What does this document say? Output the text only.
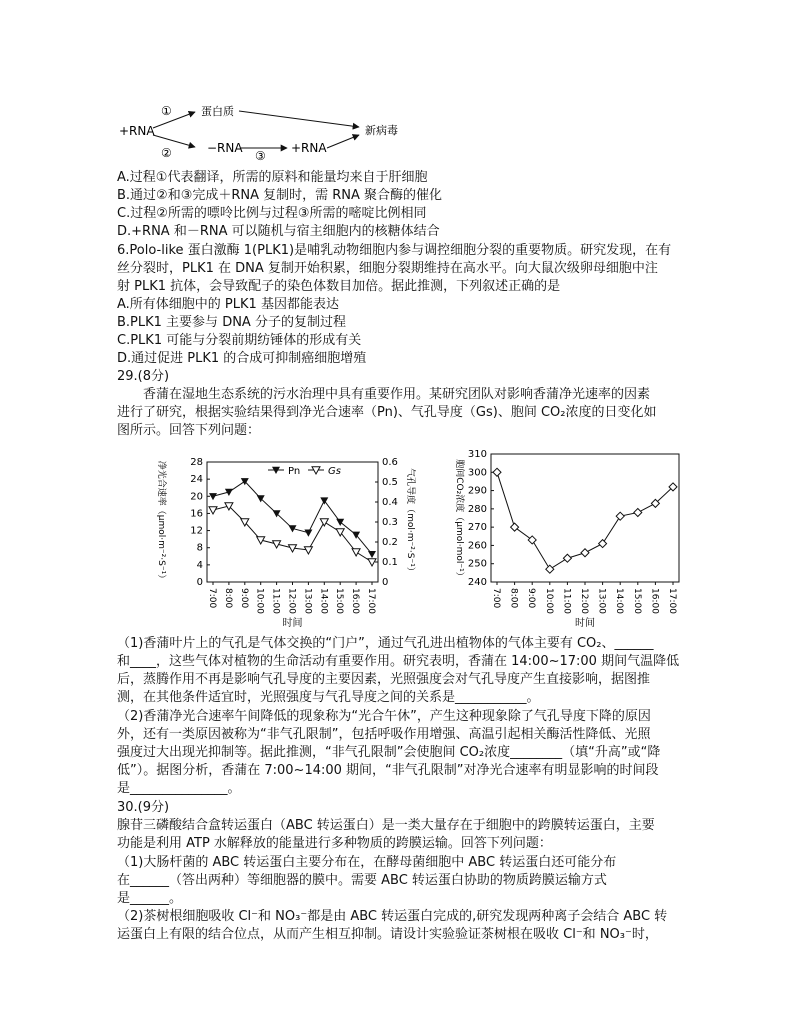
+RNA
①
②
蛋白质
−RNA
③
+RNA
新病毒
A.过程①代表翻译，所需的原料和能量均来自于肝细胞
B.通过②和③完成＋RNA 复制时，需 RNA 聚合酶的催化
C.过程②所需的嘌呤比例与过程③所需的嘧啶比例相同
D.+RNA 和－RNA 可以随机与宿主细胞内的核糖体结合
6.Polo-like 蛋白激酶 1(PLK1)是哺乳动物细胞内参与调控细胞分裂的重要物质。研究发现，在有
丝分裂时，PLK1 在 DNA 复制开始积累，细胞分裂期维持在高水平。向大鼠次级卵母细胞中注
射 PLK1 抗体，会导致配子的染色体数目加倍。据此推测，下列叙述正确的是
A.所有体细胞中的 PLK1 基因都能表达
B.PLK1 主要参与 DNA 分子的复制过程
C.PLK1 可能与分裂前期纺锤体的形成有关
D.通过促进 PLK1 的合成可抑制癌细胞增殖
29.(8分)
香蒲在湿地生态系统的污水治理中具有重要作用。某研究团队对影响香蒲净光速率的因素
进行了研究，根据实验结果得到净光合速率（Pn)、气孔导度（Gs)、胞间 CO₂浓度的日变化如
图所示。回答下列问题：
0
4
8
12
16
20
24
28
0
0.1
0.2
0.3
0.4
0.5
0.6
7:00 8:00 9:00 10:00 11:00 12:00 13:00 14:00 15:00 16:00 17:00
Pn	Gs
净光合速率（μmol·m⁻²·S⁻¹）	气孔导度（mol·m⁻²·S⁻¹）
时间
240
250
260
270
280
290
300
310
7:00 8:00 9:00 10:00 11:00 12:00 13:00 14:00 15:00 16:00 17:00
胞间CO₂浓度（μmol·mol⁻¹）
时间
（1)香蒲叶片上的气孔是气体交换的“门户”，通过气孔进出植物体的气体主要有 CO₂、______
和____，这些气体对植物的生命活动有重要作用。研究表明，香蒲在 14:00~17:00 期间气温降低
后，蒸腾作用不再是影响气孔导度的主要因素，光照强度会对气孔导度产生直接影响，据图推
测，在其他条件适宜时，光照强度与气孔导度之间的关系是___________。
（2)香蒲净光合速率午间降低的现象称为“光合午休”，产生这种现象除了气孔导度下降的原因
外，还有一类原因被称为“非气孔限制”，包括呼吸作用增强、高温引起相关酶活性降低、光照
强度过大出现光抑制等。据此推测，“非气孔限制”会使胞间 CO₂浓度________（填“升高”或“降
低”）。据图分析，香蒲在 7:00~14:00 期间，“非气孔限制”对净光合速率有明显影响的时间段
是_______________。
30.(9分)
腺苷三磷酸结合盒转运蛋白（ABC 转运蛋白）是一类大量存在于细胞中的跨膜转运蛋白，主要
功能是利用 ATP 水解释放的能量进行多种物质的跨膜运输。回答下列问题：
（1)大肠杆菌的 ABC 转运蛋白主要分布在，在酵母菌细胞中 ABC 转运蛋白还可能分布
在______（答出两种）等细胞器的膜中。需要 ABC 转运蛋白协助的物质跨膜运输方式
是______。
（2)茶树根细胞吸收 Cl⁻和 NO₃⁻都是由 ABC 转运蛋白完成的,研究发现两种离子会结合 ABC 转
运蛋白上有限的结合位点，从而产生相互抑制。请设计实验验证茶树根在吸收 Cl⁻和 NO₃⁻时，
